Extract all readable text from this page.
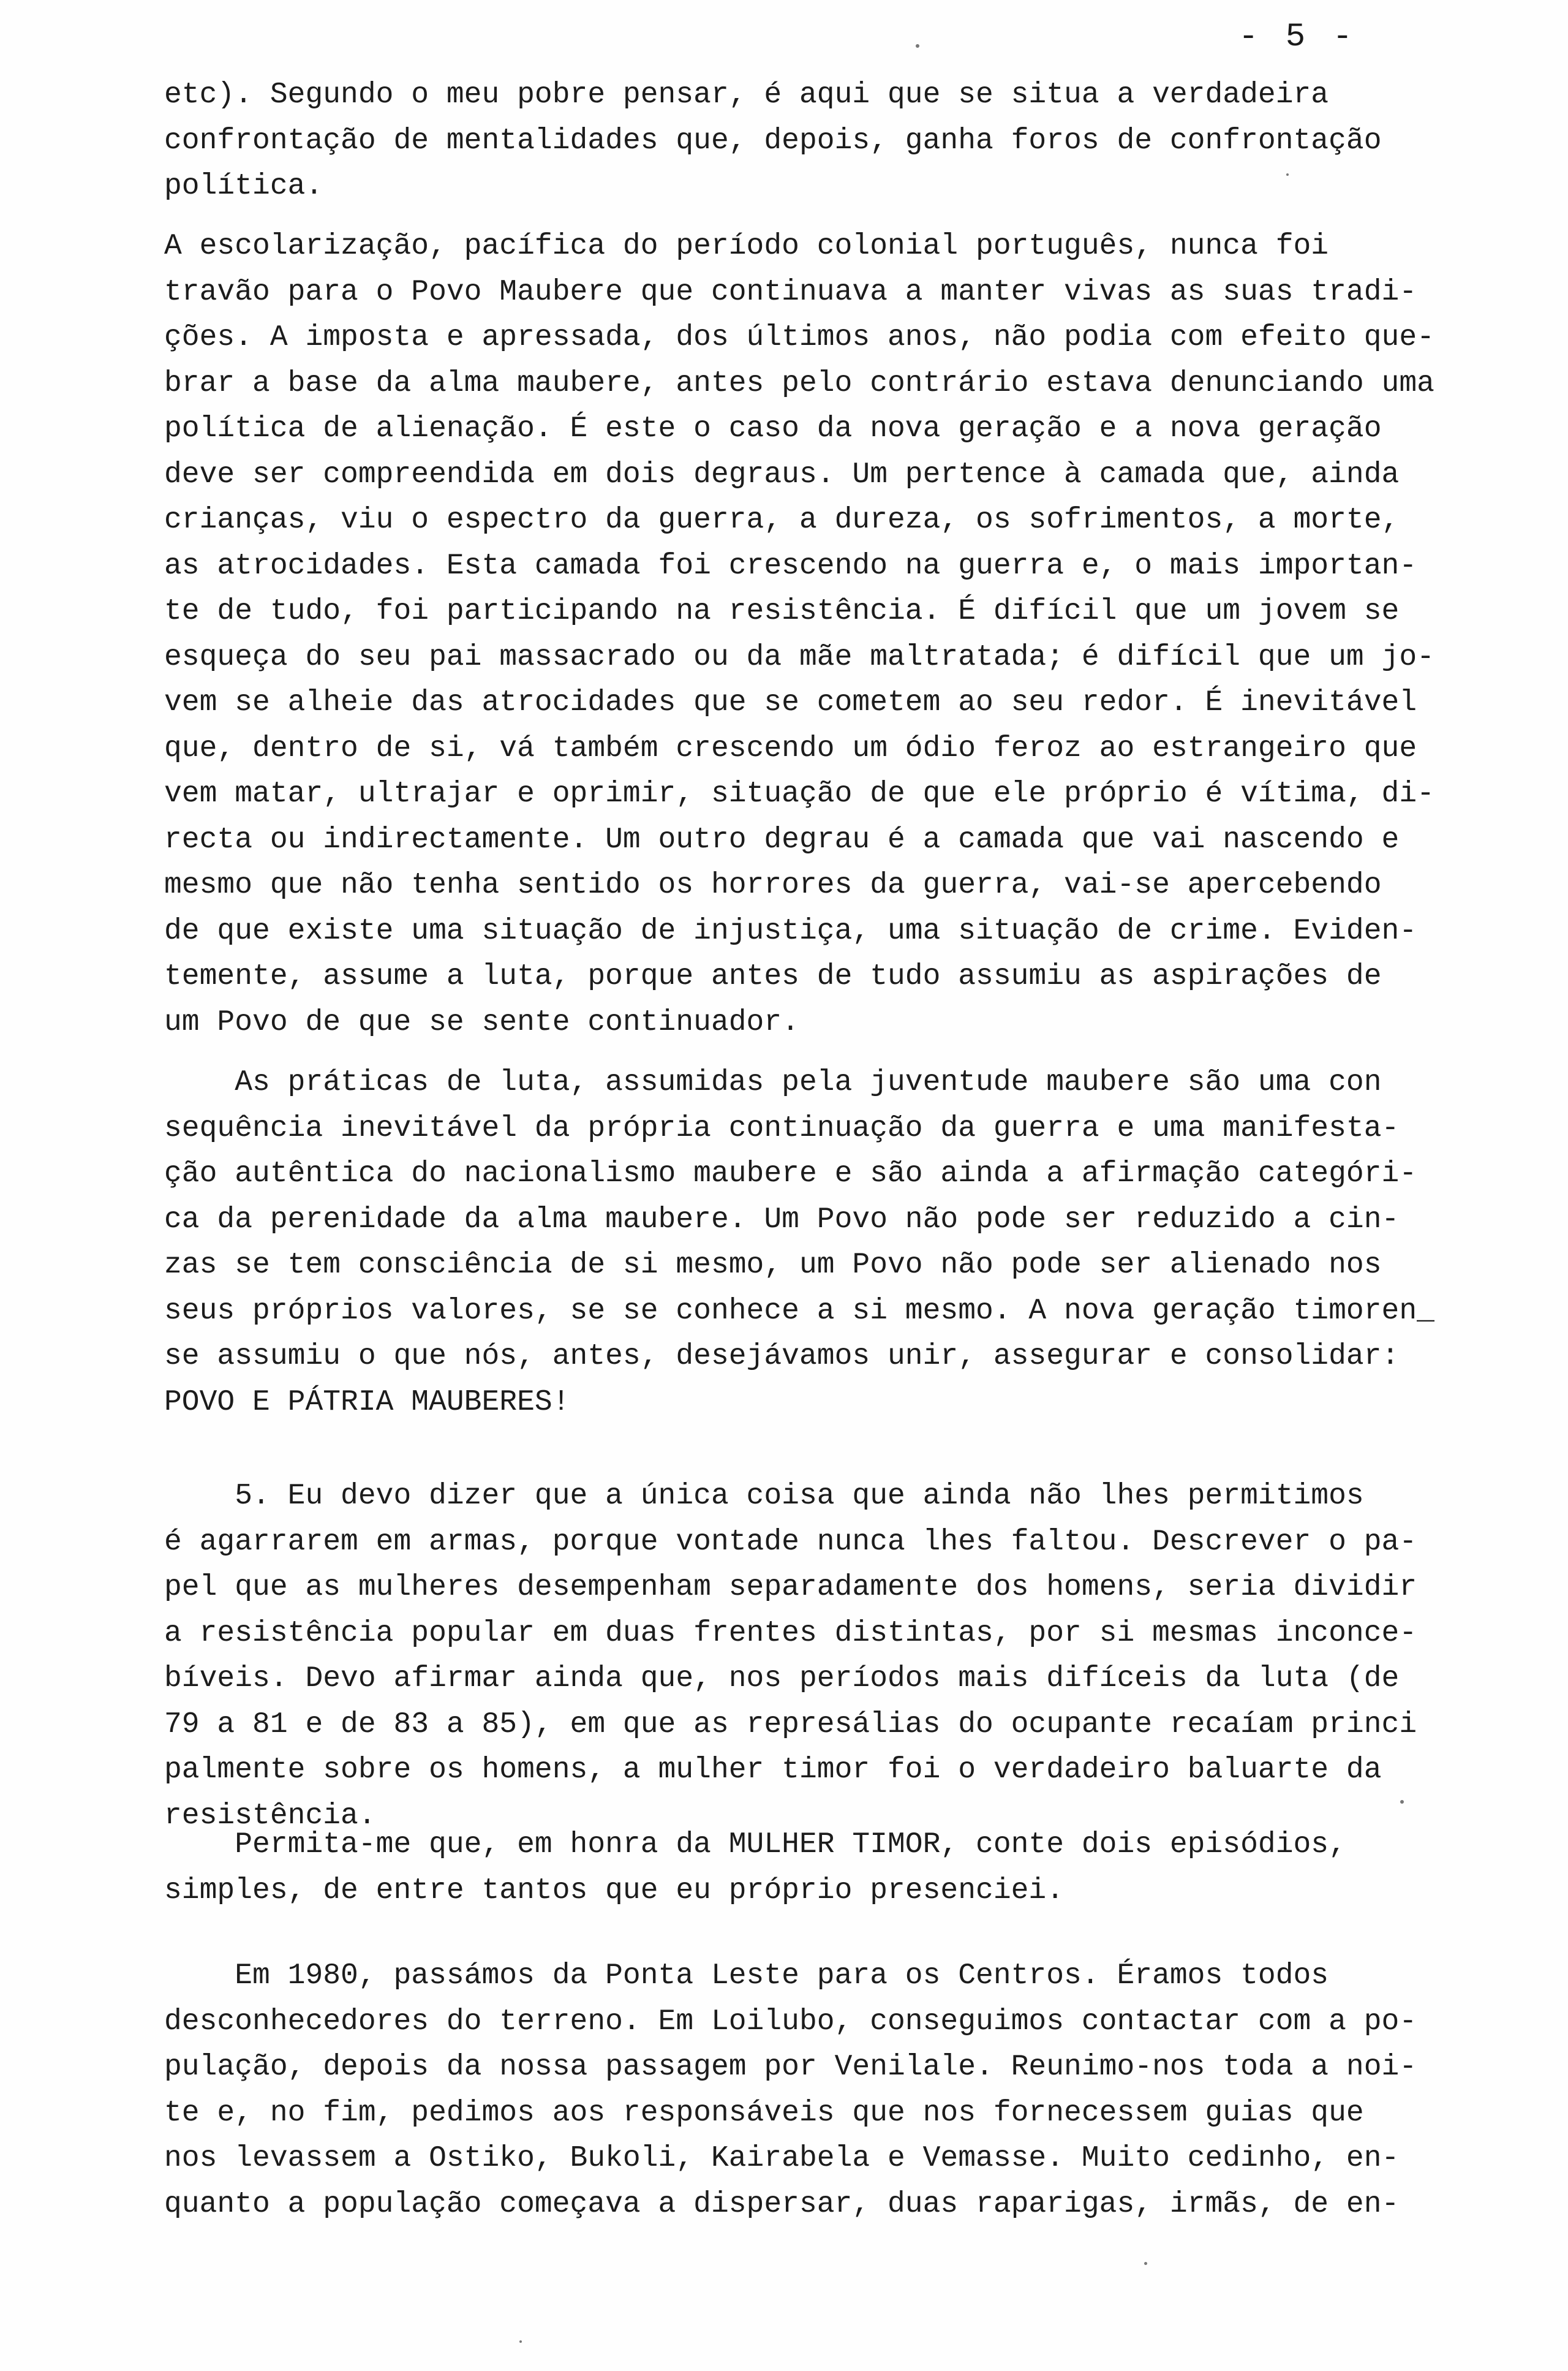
- 5 -
etc). Segundo o meu pobre pensar, é aqui que se situa a verdadeira
confrontação de mentalidades que, depois, ganha foros de confrontação
política.
A escolarização, pacífica do período colonial português, nunca foi
travão para o Povo Maubere que continuava a manter vivas as suas tradi-
ções. A imposta e apressada, dos últimos anos, não podia com efeito que-
brar a base da alma maubere, antes pelo contrário estava denunciando uma
política de alienação. É este o caso da nova geração e a nova geração
deve ser compreendida em dois degraus. Um pertence à camada que, ainda
crianças, viu o espectro da guerra, a dureza, os sofrimentos, a morte,
as atrocidades. Esta camada foi crescendo na guerra e, o mais importan-
te de tudo, foi participando na resistência. É difícil que um jovem se
esqueça do seu pai massacrado ou da mãe maltratada; é difícil que um jo-
vem se alheie das atrocidades que se cometem ao seu redor. É inevitável
que, dentro de si, vá também crescendo um ódio feroz ao estrangeiro que
vem matar, ultrajar e oprimir, situação de que ele próprio é vítima, di-
recta ou indirectamente. Um outro degrau é a camada que vai nascendo e
mesmo que não tenha sentido os horrores da guerra, vai-se apercebendo
de que existe uma situação de injustiça, uma situação de crime. Eviden-
temente, assume a luta, porque antes de tudo assumiu as aspirações de
um Povo de que se sente continuador.
As práticas de luta, assumidas pela juventude maubere são uma con
sequência inevitável da própria continuação da guerra e uma manifesta-
ção autêntica do nacionalismo maubere e são ainda a afirmação categóri-
ca da perenidade da alma maubere. Um Povo não pode ser reduzido a cin-
zas se tem consciência de si mesmo, um Povo não pode ser alienado nos
seus próprios valores, se se conhece a si mesmo. A nova geração timoren_
se assumiu o que nós, antes, desejávamos unir, assegurar e consolidar:
POVO E PÁTRIA MAUBERES!
5. Eu devo dizer que a única coisa que ainda não lhes permitimos
é agarrarem em armas, porque vontade nunca lhes faltou. Descrever o pa-
pel que as mulheres desempenham separadamente dos homens, seria dividir
a resistência popular em duas frentes distintas, por si mesmas inconce-
bíveis. Devo afirmar ainda que, nos períodos mais difíceis da luta (de
79 a 81 e de 83 a 85), em que as represálias do ocupante recaíam princi
palmente sobre os homens, a mulher timor foi o verdadeiro baluarte da
resistência.
Permita-me que, em honra da MULHER TIMOR, conte dois episódios,
simples, de entre tantos que eu próprio presenciei.
Em 1980, passámos da Ponta Leste para os Centros. Éramos todos
desconhecedores do terreno. Em Loilubo, conseguimos contactar com a po-
pulação, depois da nossa passagem por Venilale. Reunimo-nos toda a noi-
te e, no fim, pedimos aos responsáveis que nos fornecessem guias que
nos levassem a Ostiko, Bukoli, Kairabela e Vemasse. Muito cedinho, en-
quanto a população começava a dispersar, duas raparigas, irmãs, de en-
